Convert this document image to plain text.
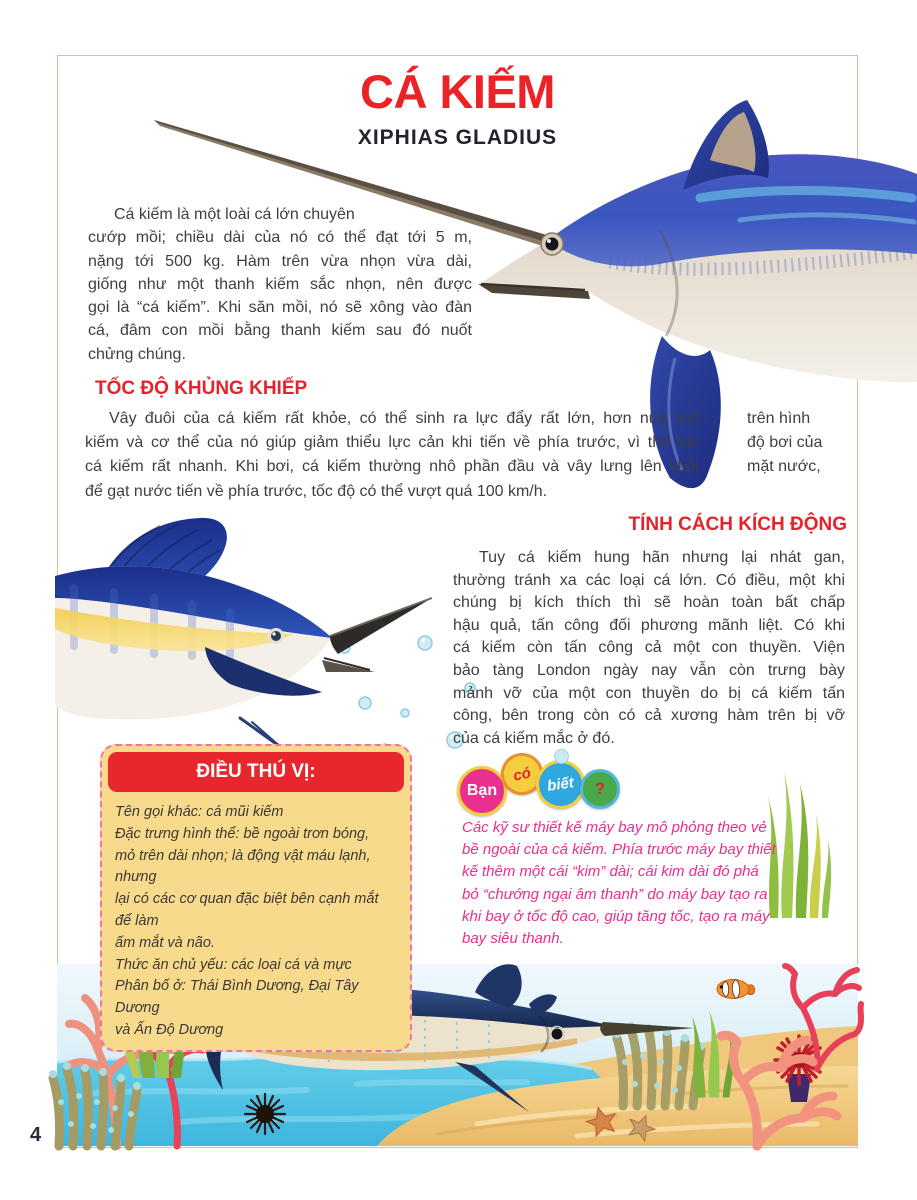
CÁ KIẾM
XIPHIAS GLADIUS
Cá kiếm là một loài cá lớn chuyên
cướp mồi; chiều dài của nó có thể đạt tới 5 m,
nặng tới 500 kg. Hàm trên vừa nhọn vừa dài,
giống như một thanh kiếm sắc nhọn, nên được
gọi là “cá kiếm”. Khi săn mồi, nó sẽ xông vào đàn
cá, đâm con mồi bằng thanh kiếm sau đó nuốt
chửng chúng.
TỐC ĐỘ KHỦNG KHIẾP
Vây đuôi của cá kiếm rất khỏe, có thể sinh ra lực đẩy rất lớn, hơn nữa mỏ	trên hình
kiếm và cơ thể của nó giúp giảm thiểu lực cản khi tiến về phía trước, vì thế tốc	độ bơi của
cá kiếm rất nhanh. Khi bơi, cá kiếm thường nhô phần đầu và vây lưng lên khỏi	mặt nước,
để gạt nước tiến về phía trước, tốc độ có thể vượt quá 100 km/h.
TÍNH CÁCH KÍCH ĐỘNG
Tuy cá kiếm hung hãn nhưng lại nhát gan,
thường tránh xa các loại cá lớn. Có điều, một khi
chúng bị kích thích thì sẽ hoàn toàn bất chấp
hậu quả, tấn công đối phương mãnh liệt. Có khi
cá kiếm còn tấn công cả một con thuyền. Viện
bảo tàng London ngày nay vẫn còn trưng bày
mảnh vỡ của một con thuyền do bị cá kiếm tấn
công, bên trong còn có cả xương hàm trên bị vỡ
của cá kiếm mắc ở đó.
ĐIỀU THÚ VỊ:
Tên gọi khác: cá mũi kiếm
Đặc trưng hình thể: bề ngoài trơn bóng,
mỏ trên dài nhọn; là động vật máu lạnh, nhưng
lại có các cơ quan đặc biệt bên cạnh mắt để làm
ấm mắt và não.
Thức ăn chủ yếu: các loại cá và mực
Phân bố ở: Thái Bình Dương, Đại Tây Dương
và Ấn Độ Dương
Bạn
có
biết	?
Các kỹ sư thiết kế máy bay mô phỏng theo vẻ
bề ngoài của cá kiếm. Phía trước máy bay thiết
kế thêm một cái “kim” dài; cái kim dài đó phá
bỏ “chướng ngại âm thanh” do máy bay tạo ra
khi bay ở tốc độ cao, giúp tăng tốc, tạo ra máy
bay siêu thanh.
4
